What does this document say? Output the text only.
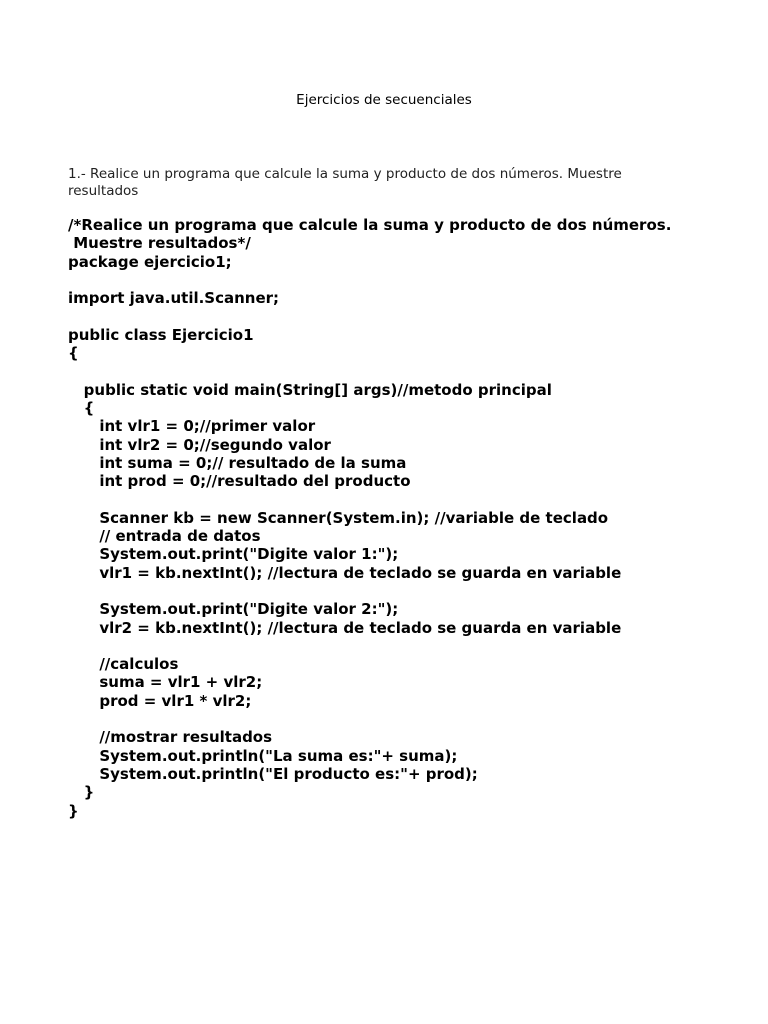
Ejercicios de secuenciales
1.- Realice un programa que calcule la suma y producto de dos números. Muestre resultados
/*Realice un programa que calcule la suma y producto de dos números.
Muestre resultados*/
package ejercicio1;
import java.util.Scanner;
public class Ejercicio1
{
public static void main(String[] args)//metodo principal
{
int vlr1 = 0;//primer valor
int vlr2 = 0;//segundo valor
int suma = 0;// resultado de la suma
int prod = 0;//resultado del producto
Scanner kb = new Scanner(System.in); //variable de teclado
// entrada de datos
System.out.print("Digite valor 1:");
vlr1 = kb.nextInt(); //lectura de teclado se guarda en variable
System.out.print("Digite valor 2:");
vlr2 = kb.nextInt(); //lectura de teclado se guarda en variable
//calculos
suma = vlr1 + vlr2;
prod = vlr1 * vlr2;
//mostrar resultados
System.out.println("La suma es:"+ suma);
System.out.println("El producto es:"+ prod);
}
}
